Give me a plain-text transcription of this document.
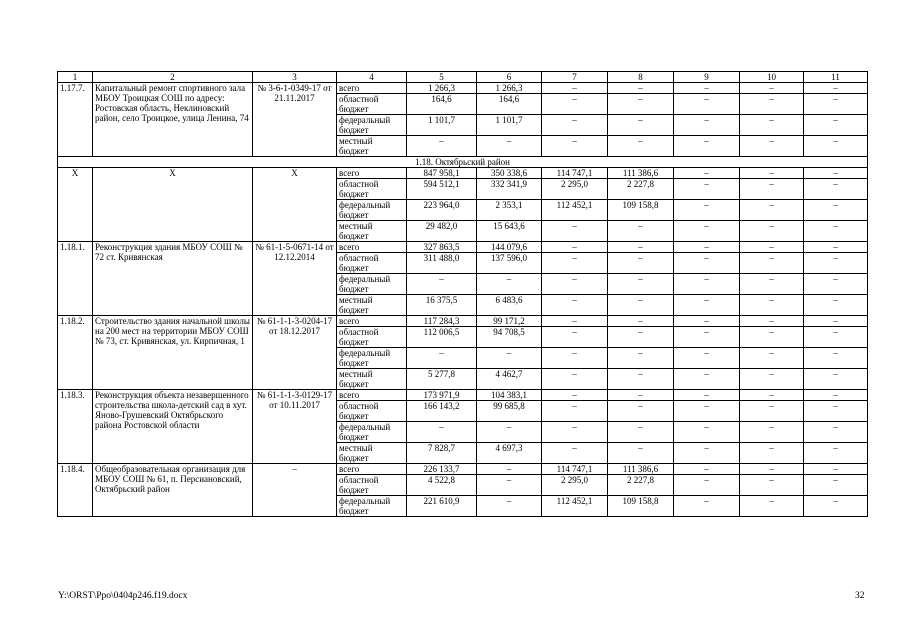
1	2	3	4	5	6	7	8	9	10	11
1.17.7.	Капитальный ремонт спортивного зала МБОУ Троицкая СОШ по адресу: Ростовская область, Неклиновский район, село Троицкое, улица Ленина, 74	№ 3-6-1-0349-17 от 21.11.2017	всего	1 266,3	1 266,3	–	–	–	–	–
			областной бюджет	164,6	164,6	–	–	–	–	–
			федеральный бюджет	1 101,7	1 101,7	–	–	–	–	–
			местный бюджет	–	–	–	–	–	–	–
1.18. Октябрьский район										
Х	Х	Х	всего	847 958,1	350 338,6	114 747,1	111 386,6	–	–	–
			областной бюджет	594 512,1	332 341,9	2 295,0	2 227,8	–	–	–
			федеральный бюджет	223 964,0	2 353,1	112 452,1	109 158,8	–	–	–
			местный бюджет	29 482,0	15 643,6	–	–	–	–	–
1.18.1.	Реконструкция здания МБОУ СОШ № 72 ст. Кривянская	№ 61-1-5-0671-14 от 12.12.2014	всего	327 863,5	144 079,6	–	–	–	–	–
			областной бюджет	311 488,0	137 596,0	–	–	–	–	–
			федеральный бюджет	–	–	–	–	–	–	–
			местный бюджет	16 375,5	6 483,6	–	–	–	–	–
1.18.2.	Строительство здания начальной школы на 200 мест на территории МБОУ СОШ № 73, ст. Кривянская, ул. Кирпичная, 1	№ 61-1-1-3-0204-17 от 18.12.2017	всего	117 284,3	99 171,2	–	–	–	–	–
			областной бюджет	112 006,5	94 708,5	–	–	–	–	–
			федеральный бюджет	–	–	–	–	–	–	–
			местный бюджет	5 277,8	4 462,7	–	–	–	–	–
1.18.3.	Реконструкция объекта незавершенного строительства школа-детский сад в хут. Яново-Грушевский Октябрьского района Ростовской области	№ 61-1-1-3-0129-17 от 10.11.2017	всего	173 971,9	104 383,1	–	–	–	–	–
			областной бюджет	166 143,2	99 685,8	–	–	–	–	–
			федеральный бюджет	–	–	–	–	–	–	–
			местный бюджет	7 828,7	4 697,3	–	–	–	–	–
1.18.4.	Общеобразовательная организация для МБОУ СОШ № 61, п. Персиановский, Октябрьский район	–	всего	226 133,7	–	114 747,1	111 386,6	–	–	–
			областной бюджет	4 522,8	–	2 295,0	2 227,8	–	–	–
			федеральный бюджет	221 610,9	–	112 452,1	109 158,8	–	–	–
Y:\ORST\Ppo\0404p246.f19.docx	32
